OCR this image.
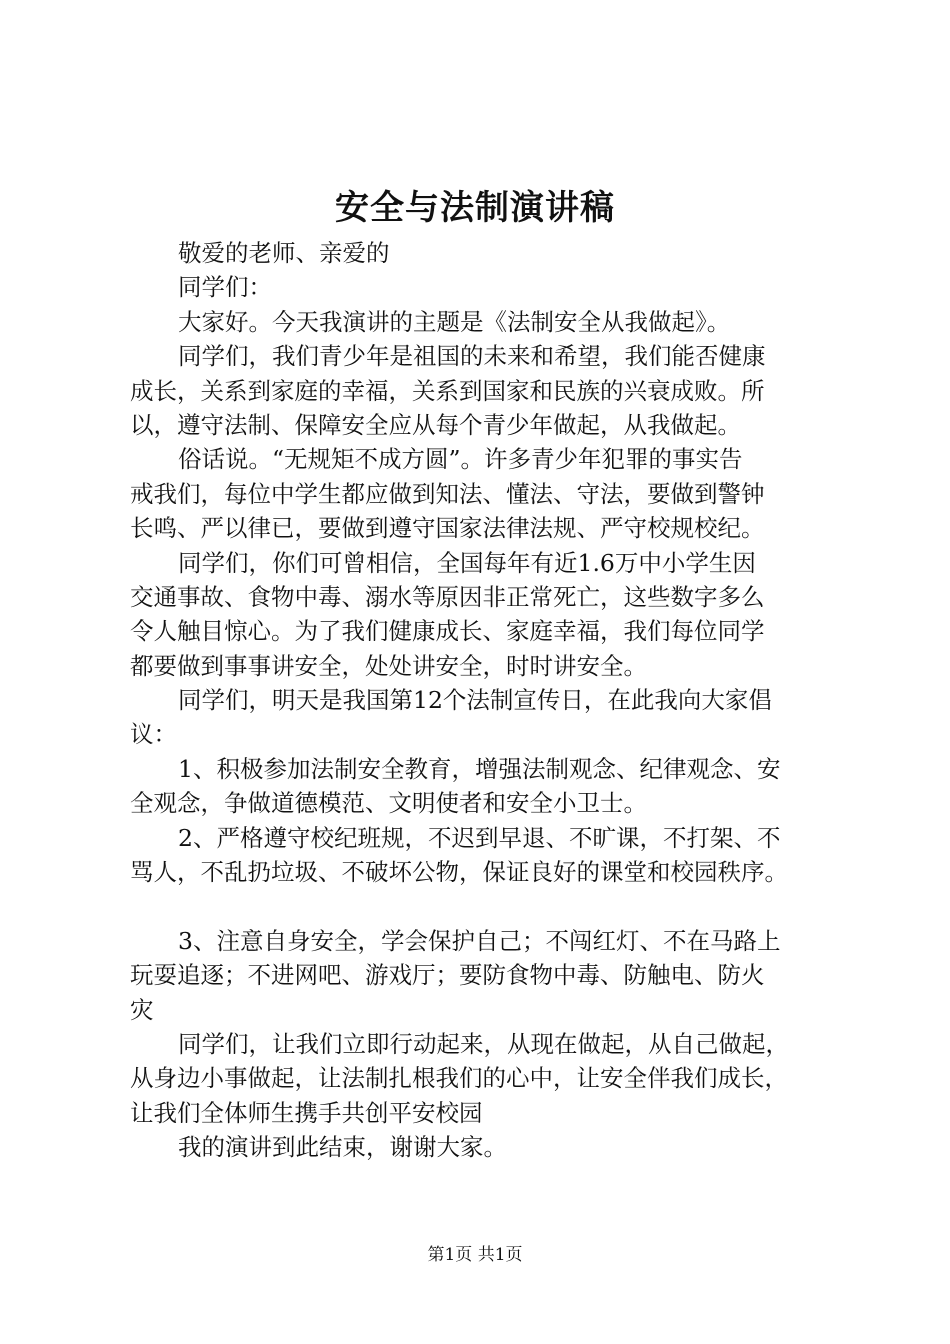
安全与法制演讲稿
敬爱的老师、亲爱的
同学们：
大家好。今天我演讲的主题是《法制安全从我做起》。
同学们，我们青少年是祖国的未来和希望，我们能否健康
成长，关系到家庭的幸福，关系到国家和民族的兴衰成败。所
以，遵守法制、保障安全应从每个青少年做起，从我做起。
俗话说。“无规矩不成方圆”。许多青少年犯罪的事实告
戒我们，每位中学生都应做到知法、懂法、守法，要做到警钟
长鸣、严以律已，要做到遵守国家法律法规、严守校规校纪。
同学们，你们可曾相信，全国每年有近1.6万中小学生因
交通事故、食物中毒、溺水等原因非正常死亡，这些数字多么
令人触目惊心。为了我们健康成长、家庭幸福，我们每位同学
都要做到事事讲安全，处处讲安全，时时讲安全。
同学们，明天是我国第12个法制宣传日，在此我向大家倡
议：
1、积极参加法制安全教育，增强法制观念、纪律观念、安
全观念，争做道德模范、文明使者和安全小卫士。
2、严格遵守校纪班规，不迟到早退、不旷课，不打架、不
骂人，不乱扔垃圾、不破坏公物，保证良好的课堂和校园秩序。
3、注意自身安全，学会保护自己；不闯红灯、不在马路上
玩耍追逐；不进网吧、游戏厅；要防食物中毒、防触电、防火
灾
同学们，让我们立即行动起来，从现在做起，从自己做起，
从身边小事做起，让法制扎根我们的心中，让安全伴我们成长，
让我们全体师生携手共创平安校园
我的演讲到此结束，谢谢大家。
第1页 共1页
